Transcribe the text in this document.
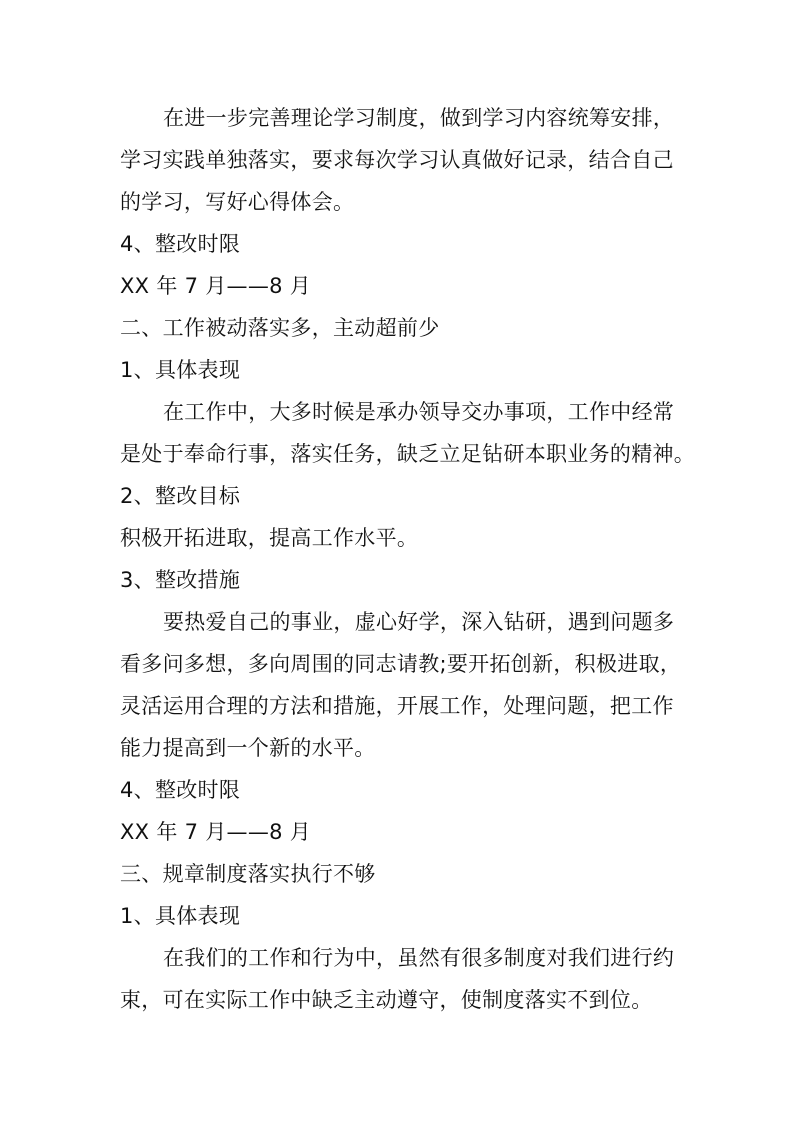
在进一步完善理论学习制度，做到学习内容统筹安排，
学习实践单独落实，要求每次学习认真做好记录，结合自己
的学习，写好心得体会。
4、整改时限
XX 年 7 月——8 月
二、工作被动落实多，主动超前少
1、具体表现
在工作中，大多时候是承办领导交办事项，工作中经常
是处于奉命行事，落实任务，缺乏立足钻研本职业务的精神。
2、整改目标
积极开拓进取，提高工作水平。
3、整改措施
要热爱自己的事业，虚心好学，深入钻研，遇到问题多
看多问多想，多向周围的同志请教;要开拓创新，积极进取，
灵活运用合理的方法和措施，开展工作，处理问题，把工作
能力提高到一个新的水平。
4、整改时限
XX 年 7 月——8 月
三、规章制度落实执行不够
1、具体表现
在我们的工作和行为中，虽然有很多制度对我们进行约
束，可在实际工作中缺乏主动遵守，使制度落实不到位。
